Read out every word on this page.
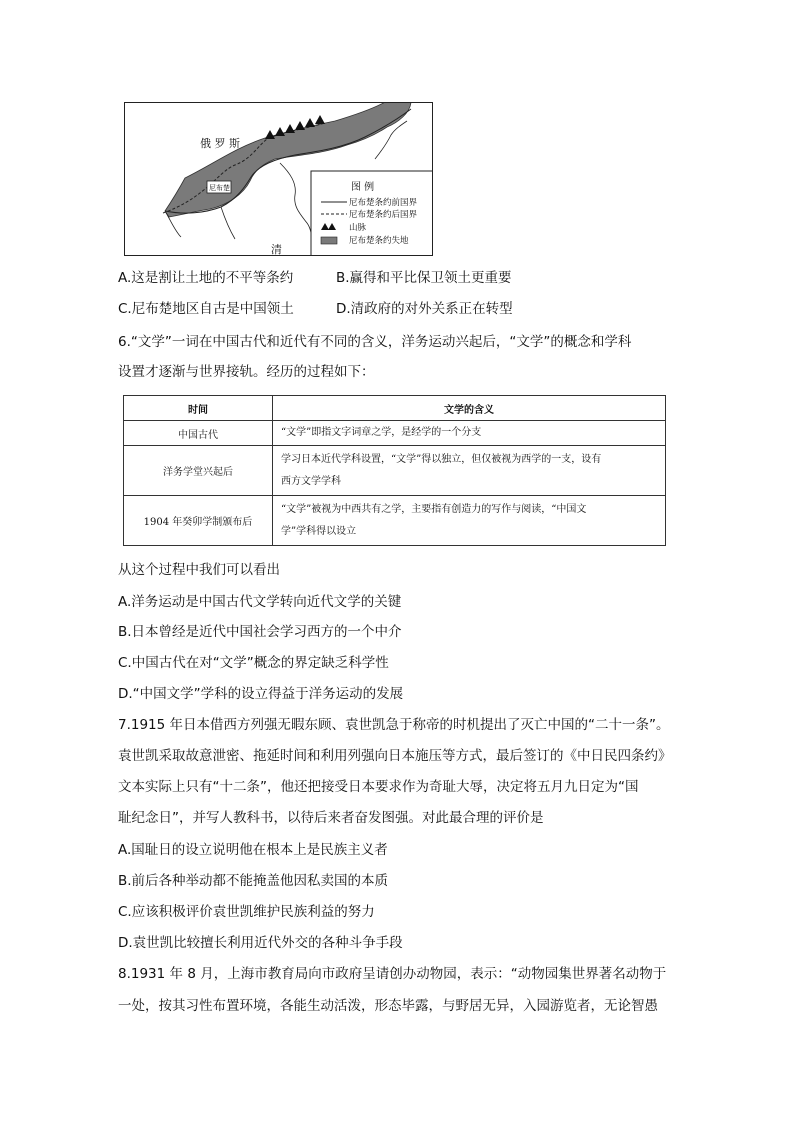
俄 罗 斯
尼布楚
清
图 例
尼布楚条约前国界
尼布楚条约后国界
山脉
尼布楚条约失地
A.这是割让土地的不平等条约	B.赢得和平比保卫领土更重要
C.尼布楚地区自古是中国领土	D.清政府的对外关系正在转型
6.“文学”一词在中国古代和近代有不同的含义，洋务运动兴起后，“文学”的概念和学科
设置才逐渐与世界接轨。经历的过程如下：
时间	文学的含义
中国古代	“文学”即指文字词章之学，是经学的一个分支

洋务学堂兴起后	学习日本近代学科设置，“文学”得以独立，但仅被视为西学的一支，设有
西方文学学科

1904 年癸卯学制颁布后	“文学”被视为中西共有之学，主要指有创造力的写作与阅读，“中国文
学”学科得以设立
从这个过程中我们可以看出
A.洋务运动是中国古代文学转向近代文学的关键
B.日本曾经是近代中国社会学习西方的一个中介
C.中国古代在对“文学”概念的界定缺乏科学性
D.“中国文学”学科的设立得益于洋务运动的发展
7.1915 年日本借西方列强无暇东顾、袁世凯急于称帝的时机提出了灭亡中国的“二十一条”。
袁世凯采取故意泄密、拖延时间和利用列强向日本施压等方式，最后签订的《中日民四条约》
文本实际上只有“十二条”，他还把接受日本要求作为奇耻大辱，决定将五月九日定为“国
耻纪念日”，并写人教科书，以待后来者奋发图强。对此最合理的评价是
A.国耻日的设立说明他在根本上是民族主义者
B.前后各种举动都不能掩盖他因私卖国的本质
C.应该积极评价袁世凯维护民族利益的努力
D.袁世凯比较擅长利用近代外交的各种斗争手段
8.1931 年 8 月，上海市教育局向市政府呈请创办动物园，表示：“动物园集世界著名动物于
一处，按其习性布置环境，各能生动活泼，形态毕露，与野居无异，入园游览者，无论智愚
